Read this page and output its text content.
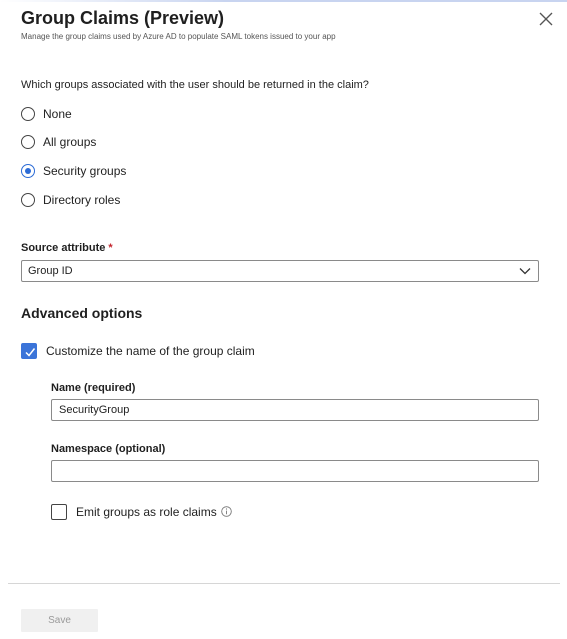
Group Claims (Preview)
Manage the group claims used by Azure AD to populate SAML tokens issued to your app
Which groups associated with the user should be returned in the claim?
None
All groups
Security groups
Directory roles
Source attribute *
Group ID
Advanced options
Customize the name of the group claim
Name (required)
SecurityGroup
Namespace (optional)
Emit groups as role claims
Save
